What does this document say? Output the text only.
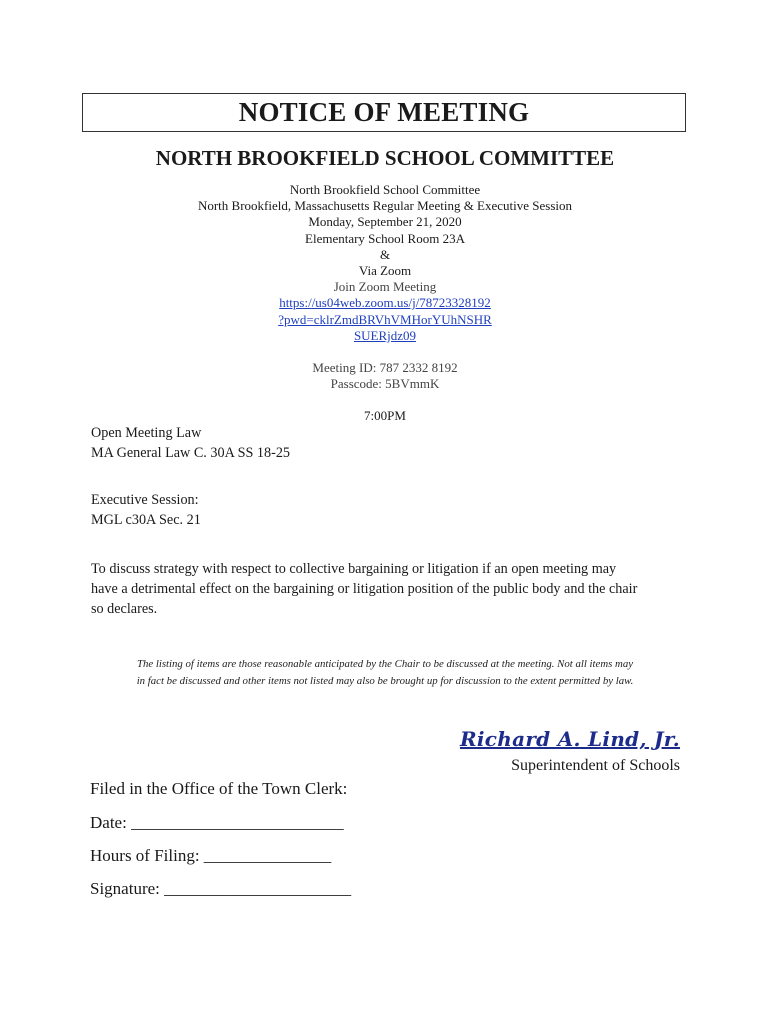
NOTICE OF MEETING
NORTH BROOKFIELD SCHOOL COMMITTEE
North Brookfield School Committee
North Brookfield, Massachusetts Regular Meeting & Executive Session
Monday, September 21, 2020
Elementary School Room 23A
&
Via Zoom
Join Zoom Meeting
https://us04web.zoom.us/j/78723328192
?pwd=cklrZmdBRVhVMHorYUhNSHR
SUERjdz09
Meeting ID: 787 2332 8192
Passcode: 5BVmmK
7:00PM
Open Meeting Law
MA General Law C. 30A SS 18-25
Executive Session:
MGL c30A Sec. 21
To discuss strategy with respect to collective bargaining or litigation if an open meeting may
have a detrimental effect on the bargaining or litigation position of the public body and the chair
so declares.
The listing of items are those reasonable anticipated by the Chair to be discussed at the meeting. Not all items may
in fact be discussed and other items not listed may also be brought up for discussion to the extent permitted by law.
Richard A. Lind, Jr.
Superintendent of Schools
Filed in the Office of the Town Clerk:
Date: _________________________
Hours of Filing: _______________
Signature: ______________________
